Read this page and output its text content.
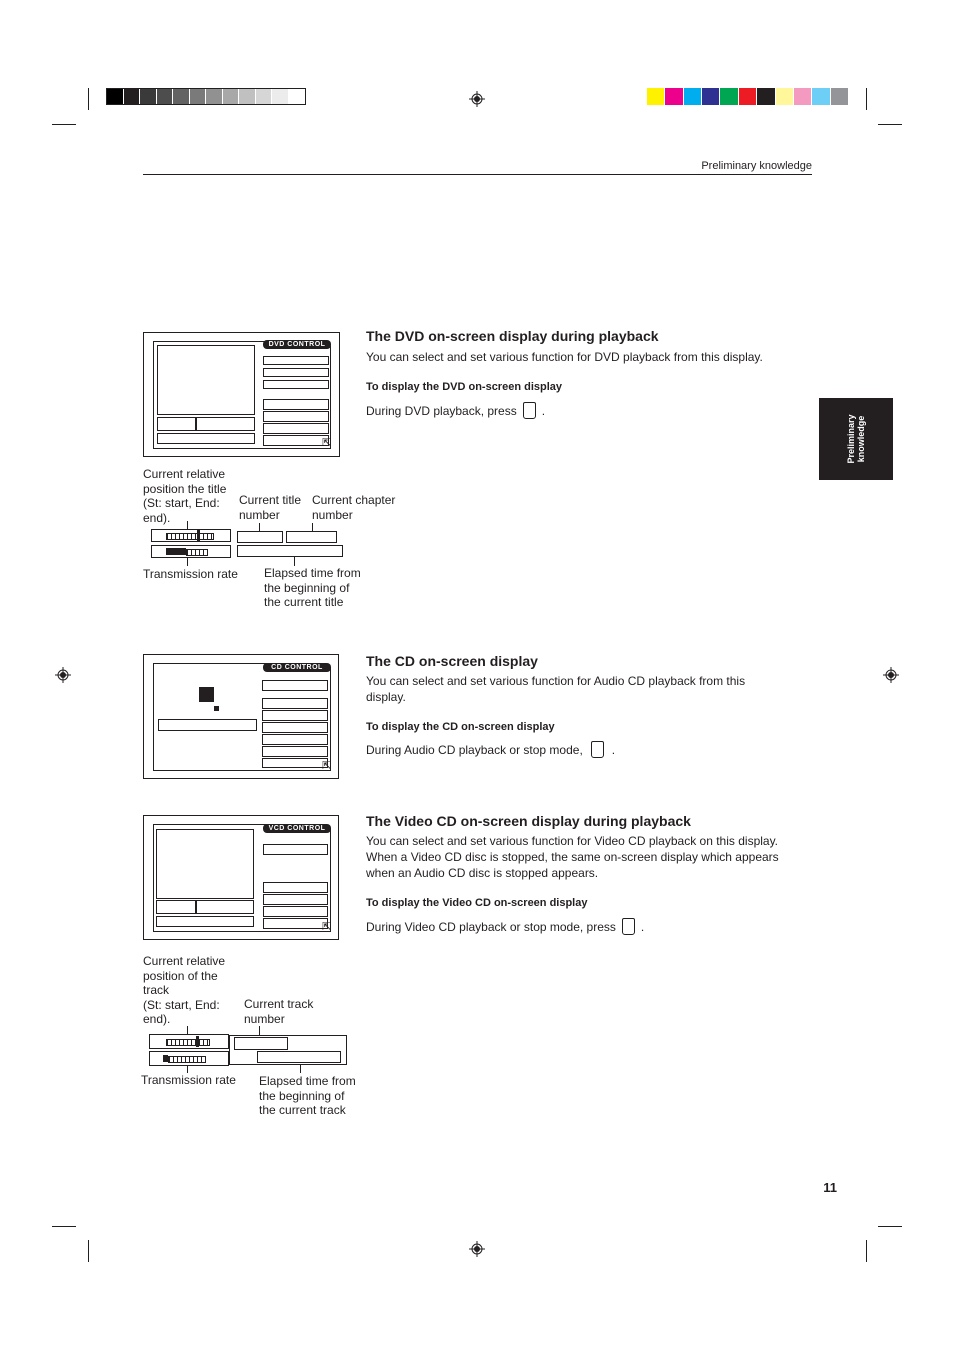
Preliminary knowledge
Preliminary knowledge
DVD CONTROL
⇱
The DVD on-screen display during playback
You can select and set various function for DVD playback from this display.
To display the DVD on-screen display
During DVD playback, press .
Current relative
position the title
(St: start, End:
end).
Current title
number
Current chapter
number
Transmission rate Elapsed time from
the beginning of
the current title
CD CONTROL
⇱
The CD on-screen display
You can select and set various function for Audio CD playback from this
display.
To display the CD on-screen display
During Audio CD playback or stop mode, .
VCD CONTROL
⇱
The Video CD on-screen display during playback
You can select and set various function for Video CD playback on this display.
When a Video CD disc is stopped, the same on-screen display which appears
when an Audio CD disc is stopped appears.
To display the Video CD on-screen display
During Video CD playback or stop mode, press .
Current relative
position of the
track
(St: start, End:
end).
Current track
number
Transmission rate Elapsed time from
the beginning of
the current track
11
